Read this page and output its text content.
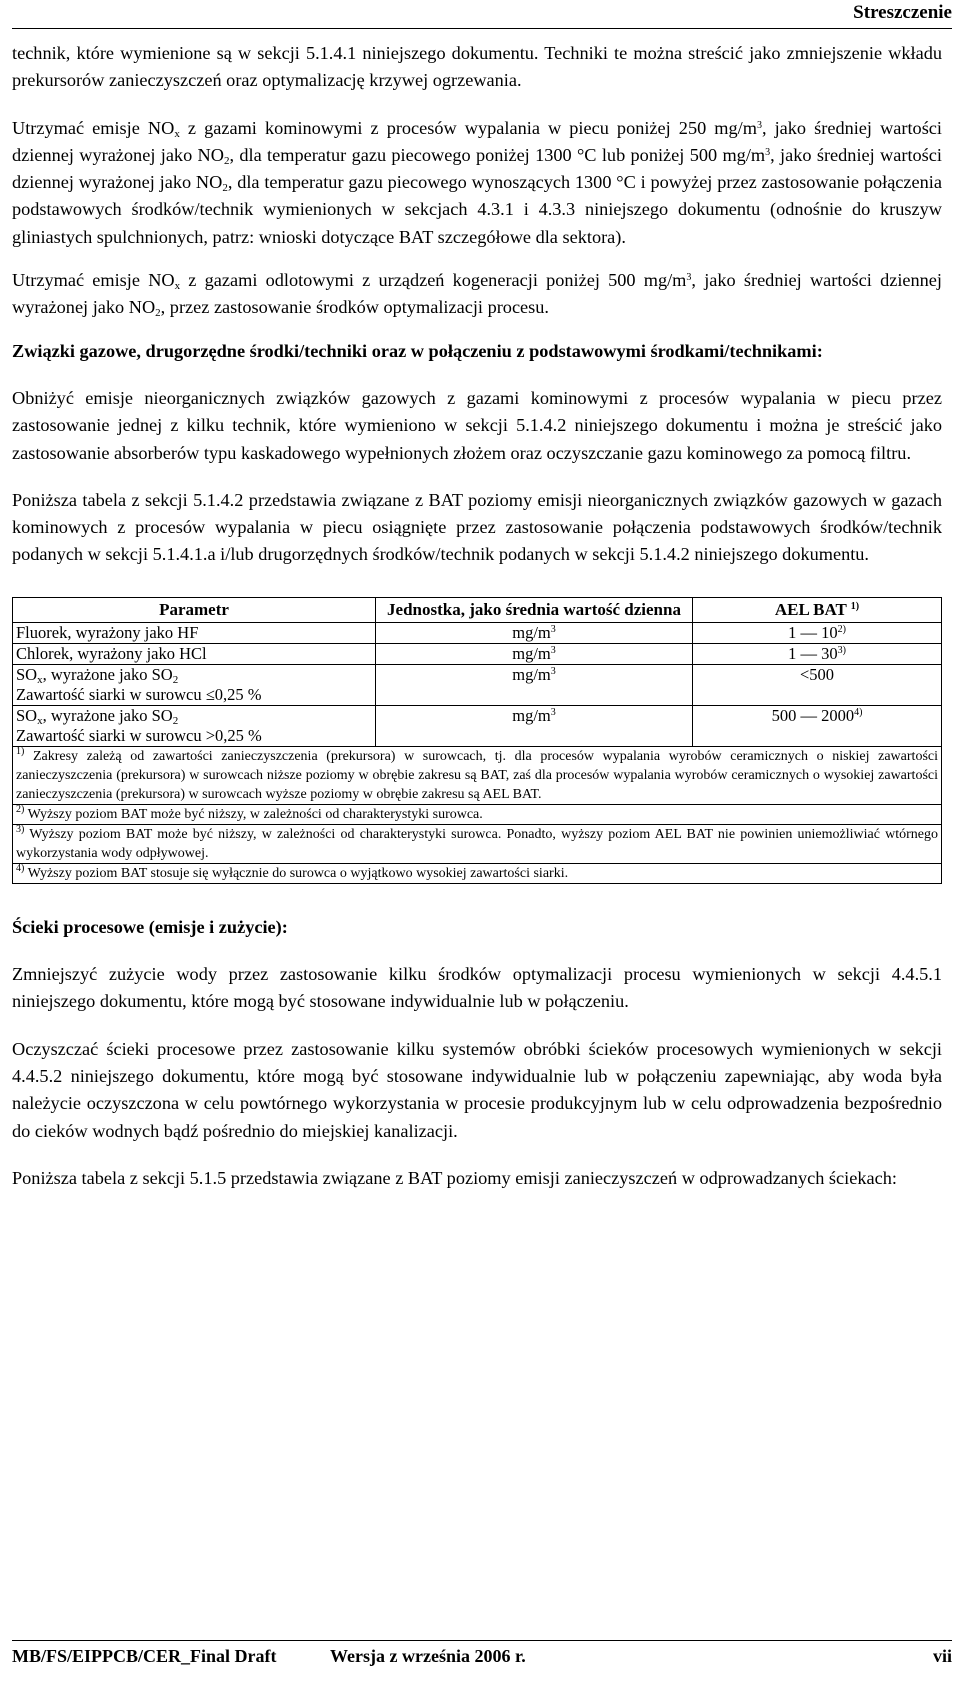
Streszczenie

technik, które wymienione są w sekcji 5.1.4.1 niniejszego dokumentu. Techniki te można streścić jako zmniejszenie wkładu prekursorów zanieczyszczeń oraz optymalizację krzywej ogrzewania.

Utrzymać emisje $NO_x$ z gazami kominowymi z procesów wypalania w piecu poniżej 250 $mg/m^3$, jako średniej wartości dziennej wyrażonej jako $NO_2$, dla temperatur gazu piecowego poniżej 1300 °C lub poniżej 500 $mg/m^3$, jako średniej wartości dziennej wyrażonej jako $NO_2$, dla temperatur gazu piecowego wynoszących 1300 °C i powyżej przez zastosowanie połączenia podstawowych środków/technik wymienionych w sekcjach 4.3.1 i 4.3.3 niniejszego dokumentu (odnośnie do kruszyw gliniastych spulchnionych, patrz: wnioski dotyczące BAT szczegółowe dla sektora).

Utrzymać emisje $NO_x$ z gazami odlotowymi z urządzeń kogeneracji poniżej 500 $mg/m^3$, jako średniej wartości dziennej wyrażonej jako $NO_2$, przez zastosowanie środków optymalizacji procesu.

Związki gazowe, drugorzędne środki/techniki oraz w połączeniu z podstawowymi środkami/technikami:

Obniżyć emisje nieorganicznych związków gazowych z gazami kominowymi z procesów wypalania w piecu przez zastosowanie jednej z kilku technik, które wymieniono w sekcji 5.1.4.2 niniejszego dokumentu i można je streścić jako zastosowanie absorberów typu kaskadowego wypełnionych złożem oraz oczyszczanie gazu kominowego za pomocą filtru.

Poniższa tabela z sekcji 5.1.4.2 przedstawia związane z BAT poziomy emisji nieorganicznych związków gazowych w gazach kominowych z procesów wypalania w piecu osiągnięte przez zastosowanie połączenia podstawowych środków/technik podanych w sekcji 5.1.4.1.a i/lub drugorzędnych środków/technik podanych w sekcji 5.1.4.2 niniejszego dokumentu.

Parametr	Jednostka, jako średnia wartość dzienna	AEL BAT $^{1)}$
Fluorek, wyrażony jako HF	$mg/m^3$	1 — 10$^{2)}$
Chlorek, wyrażony jako HCl	$mg/m^3$	1 — 30$^{3)}$
$SO_x$, wyrażone jako $SO_2$
Zawartość siarki w surowcu ≤0,25 %	$mg/m^3$	<500
$SO_x$, wyrażone jako $SO_2$
Zawartość siarki w surowcu >0,25 %	$mg/m^3$	500 — 2000$^{4)}$
$^{1)}$ Zakresy zależą od zawartości zanieczyszczenia (prekursora) w surowcach, tj. dla procesów wypalania wyrobów ceramicznych o niskiej zawartości zanieczyszczenia (prekursora) w surowcach niższe poziomy w obrębie zakresu są BAT, zaś dla procesów wypalania wyrobów ceramicznych o wysokiej zawartości zanieczyszczenia (prekursora) w surowcach wyższe poziomy w obrębie zakresu są AEL BAT.		
$^{2)}$ Wyższy poziom BAT może być niższy, w zależności od charakterystyki surowca.		
$^{3)}$ Wyższy poziom BAT może być niższy, w zależności od charakterystyki surowca. Ponadto, wyższy poziom AEL BAT nie powinien uniemożliwiać wtórnego wykorzystania wody odpływowej.		
$^{4)}$ Wyższy poziom BAT stosuje się wyłącznie do surowca o wyjątkowo wysokiej zawartości siarki.		

Ścieki procesowe (emisje i zużycie):

Zmniejszyć zużycie wody przez zastosowanie kilku środków optymalizacji procesu wymienionych w sekcji 4.4.5.1 niniejszego dokumentu, które mogą być stosowane indywidualnie lub w połączeniu.

Oczyszczać ścieki procesowe przez zastosowanie kilku systemów obróbki ścieków procesowych wymienionych w sekcji 4.4.5.2 niniejszego dokumentu, które mogą być stosowane indywidualnie lub w połączeniu zapewniając, aby woda była należycie oczyszczona w celu powtórnego wykorzystania w procesie produkcyjnym lub w celu odprowadzenia bezpośrednio do cieków wodnych bądź pośrednio do miejskiej kanalizacji.

Poniższa tabela z sekcji 5.1.5 przedstawia związane z BAT poziomy emisji zanieczyszczeń w odprowadzanych ściekach:

MB/FS/EIPPCB/CER_Final Draft	Wersja z września 2006 r.	vii
